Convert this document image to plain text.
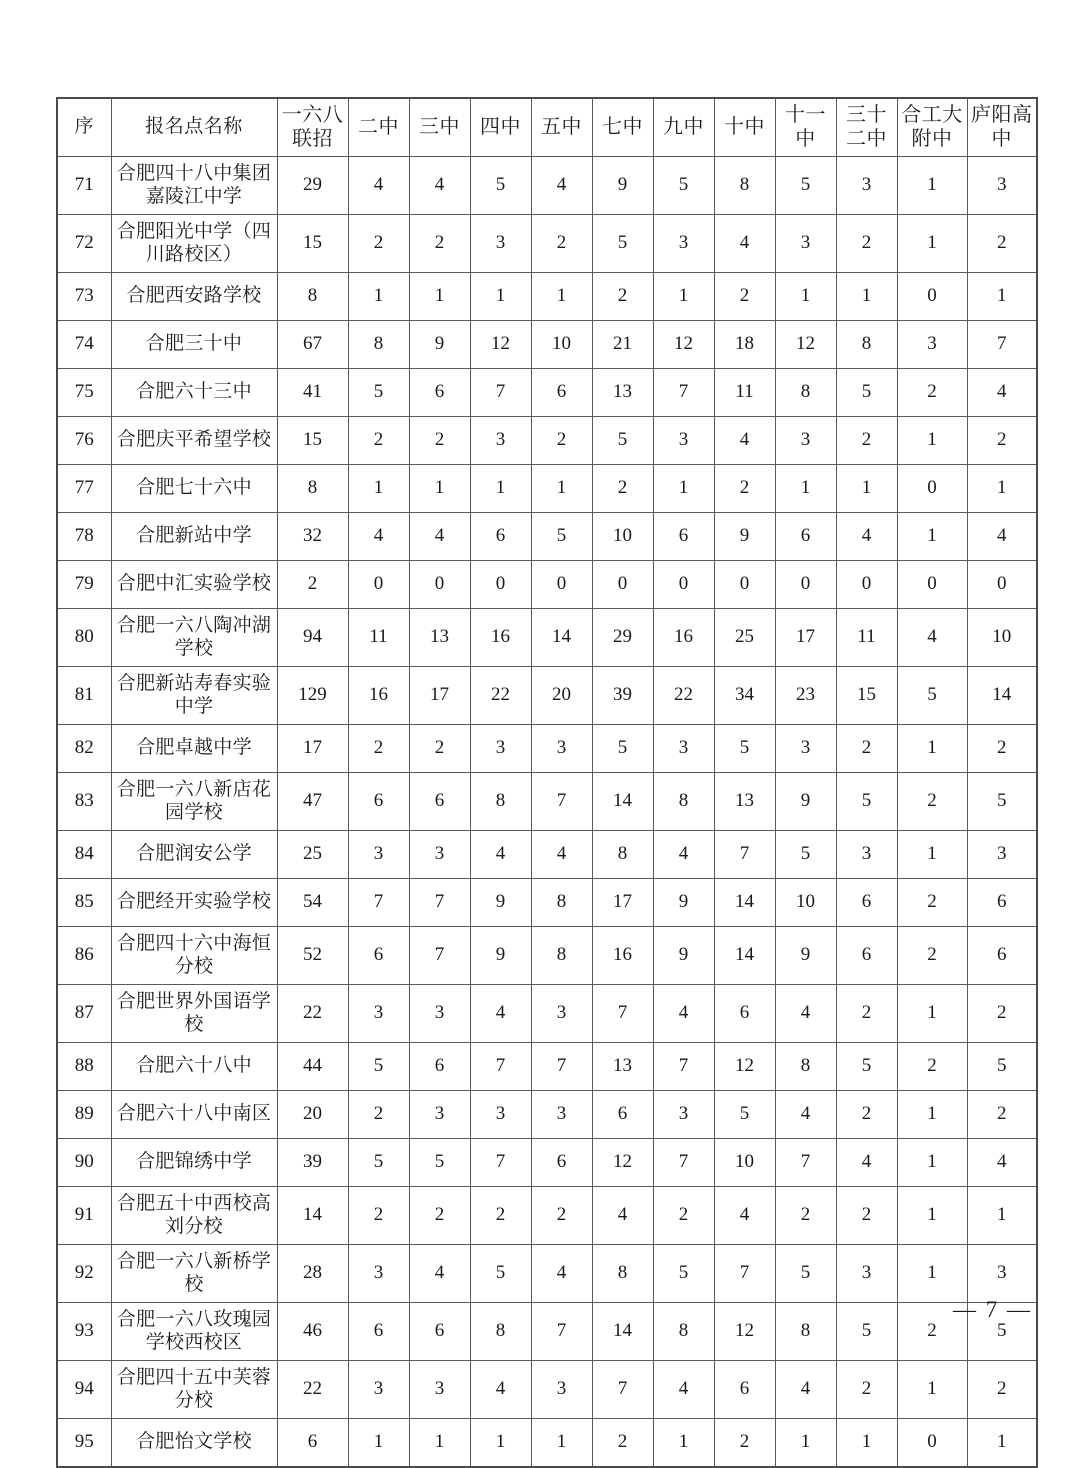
序	报名点名称	一六八联招	二中	三中	四中	五中	七中	九中	十中	十一中	三十二中	合工大附中	庐阳高中
71	合肥四十八中集团嘉陵江中学	29	4	4	5	4	9	5	8	5	3	1	3
72	合肥阳光中学（四川路校区）	15	2	2	3	2	5	3	4	3	2	1	2
73	合肥西安路学校	8	1	1	1	1	2	1	2	1	1	0	1
74	合肥三十中	67	8	9	12	10	21	12	18	12	8	3	7
75	合肥六十三中	41	5	6	7	6	13	7	11	8	5	2	4
76	合肥庆平希望学校	15	2	2	3	2	5	3	4	3	2	1	2
77	合肥七十六中	8	1	1	1	1	2	1	2	1	1	0	1
78	合肥新站中学	32	4	4	6	5	10	6	9	6	4	1	4
79	合肥中汇实验学校	2	0	0	0	0	0	0	0	0	0	0	0
80	合肥一六八陶冲湖学校	94	11	13	16	14	29	16	25	17	11	4	10
81	合肥新站寿春实验中学	129	16	17	22	20	39	22	34	23	15	5	14
82	合肥卓越中学	17	2	2	3	3	5	3	5	3	2	1	2
83	合肥一六八新店花园学校	47	6	6	8	7	14	8	13	9	5	2	5
84	合肥润安公学	25	3	3	4	4	8	4	7	5	3	1	3
85	合肥经开实验学校	54	7	7	9	8	17	9	14	10	6	2	6
86	合肥四十六中海恒分校	52	6	7	9	8	16	9	14	9	6	2	6
87	合肥世界外国语学校	22	3	3	4	3	7	4	6	4	2	1	2
88	合肥六十八中	44	5	6	7	7	13	7	12	8	5	2	5
89	合肥六十八中南区	20	2	3	3	3	6	3	5	4	2	1	2
90	合肥锦绣中学	39	5	5	7	6	12	7	10	7	4	1	4
91	合肥五十中西校高刘分校	14	2	2	2	2	4	2	4	2	2	1	1
92	合肥一六八新桥学校	28	3	4	5	4	8	5	7	5	3	1	3
93	合肥一六八玫瑰园学校西校区	46	6	6	8	7	14	8	12	8	5	2	5
94	合肥四十五中芙蓉分校	22	3	3	4	3	7	4	6	4	2	1	2
95	合肥怡文学校	6	1	1	1	1	2	1	2	1	1	0	1
— 7 —
